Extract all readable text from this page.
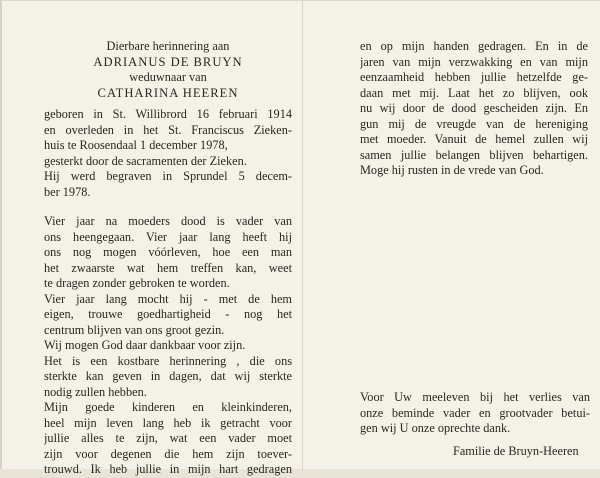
Dierbare herinnering aan
ADRIANUS DE BRUYN
weduwnaar van
CATHARINA HEEREN
geboren in St. Willibrord 16 februari 1914
en overleden in het St. Franciscus Zieken-
huis te Roosendaal 1 december 1978,
gesterkt door de sacramenten der Zieken.
Hij werd begraven in Sprundel 5 decem-
ber 1978.
Vier jaar na moeders dood is vader van
ons heengegaan. Vier jaar lang heeft hij
ons nog mogen vóórleven, hoe een man
het zwaarste wat hem treffen kan, weet
te dragen zonder gebroken te worden.
Vier jaar lang mocht hij - met de hem
eigen, trouwe goedhartigheid - nog het
centrum blijven van ons groot gezin.
Wij mogen God daar dankbaar voor zijn.
Het is een kostbare herinnering , die ons
sterkte kan geven in dagen, dat wij sterkte
nodig zullen hebben.
Mijn goede kinderen en kleinkinderen,
heel mijn leven lang heb ik getracht voor
jullie alles te zijn, wat een vader moet
zijn voor degenen die hem zijn toever-
trouwd. Ik heb jullie in mijn hart gedragen
en op mijn handen gedragen. En in de
jaren van mijn verzwakking en van mijn
eenzaamheid hebben jullie hetzelfde ge-
daan met mij. Laat het zo blijven, ook
nu wij door de dood gescheiden zijn. En
gun mij de vreugde van de hereniging
met moeder. Vanuit de hemel zullen wij
samen jullie belangen blijven behartigen.
Moge hij rusten in de vrede van God.
Voor Uw meeleven bij het verlies van
onze beminde vader en grootvader betui-
gen wij U onze oprechte dank.
Familie de Bruyn-Heeren
